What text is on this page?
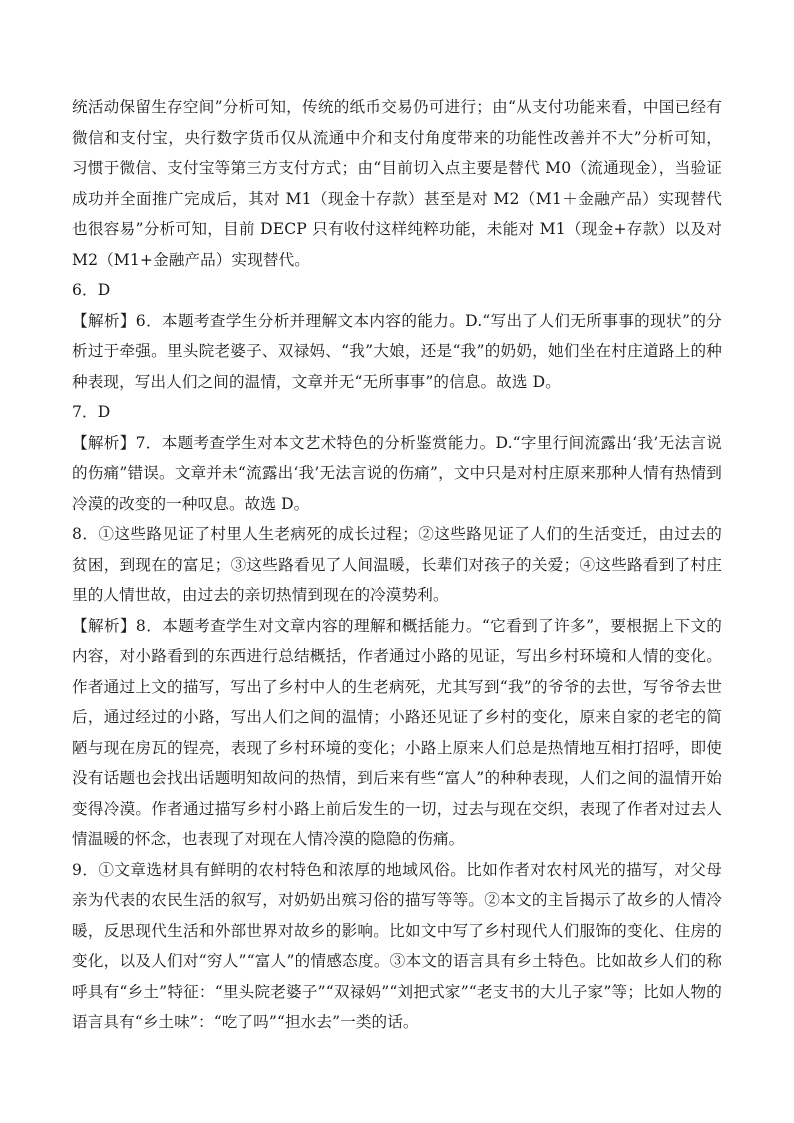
统活动保留生存空间”分析可知，传统的纸币交易仍可进行；由“从支付功能来看，中国已经有微信和支付宝，央行数字货币仅从流通中介和支付角度带来的功能性改善并不大”分析可知，习惯于微信、支付宝等第三方支付方式；由“目前切入点主要是替代 M0（流通现金），当验证成功并全面推广完成后，其对 M1（现金十存款）甚至是对 M2（M1＋金融产品）实现替代也很容易”分析可知，目前 DECP 只有收付这样纯粹功能，未能对 M1（现金+存款）以及对 M2（M1+金融产品）实现替代。

6．D

【解析】6．本题考查学生分析并理解文本内容的能力。D.“写出了人们无所事事的现状”的分析过于牵强。里头院老婆子、双禄妈、“我”大娘，还是“我”的奶奶，她们坐在村庄道路上的种种表现，写出人们之间的温情，文章并无“无所事事”的信息。故选 D。

7．D

【解析】7．本题考查学生对本文艺术特色的分析鉴赏能力。D.“字里行间流露出‘我’无法言说的伤痛”错误。文章并未“流露出‘我’无法言说的伤痛”，文中只是对村庄原来那种人情有热情到冷漠的改变的一种叹息。故选 D。

8．①这些路见证了村里人生老病死的成长过程；②这些路见证了人们的生活变迁，由过去的贫困，到现在的富足；③这些路看见了人间温暖，长辈们对孩子的关爱；④这些路看到了村庄里的人情世故，由过去的亲切热情到现在的冷漠势利。

【解析】8．本题考查学生对文章内容的理解和概括能力。“它看到了许多”，要根据上下文的内容，对小路看到的东西进行总结概括，作者通过小路的见证，写出乡村环境和人情的变化。作者通过上文的描写，写出了乡村中人的生老病死，尤其写到“我”的爷爷的去世，写爷爷去世后，通过经过的小路，写出人们之间的温情；小路还见证了乡村的变化，原来自家的老宅的简陋与现在房瓦的锃亮，表现了乡村环境的变化；小路上原来人们总是热情地互相打招呼，即使没有话题也会找出话题明知故问的热情，到后来有些“富人”的种种表现，人们之间的温情开始变得冷漠。作者通过描写乡村小路上前后发生的一切，过去与现在交织，表现了作者对过去人情温暖的怀念，也表现了对现在人情冷漠的隐隐的伤痛。

9．①文章选材具有鲜明的农村特色和浓厚的地域风俗。比如作者对农村风光的描写，对父母亲为代表的农民生活的叙写，对奶奶出殡习俗的描写等等。②本文的主旨揭示了故乡的人情冷暖，反思现代生活和外部世界对故乡的影响。比如文中写了乡村现代人们服饰的变化、住房的变化，以及人们对“穷人”“富人”的情感态度。③本文的语言具有乡土特色。比如故乡人们的称呼具有“乡土”特征：“里头院老婆子”“双禄妈”“刘把式家”“老支书的大儿子家”等；比如人物的语言具有“乡土味”：“吃了吗”“担水去”一类的话。
